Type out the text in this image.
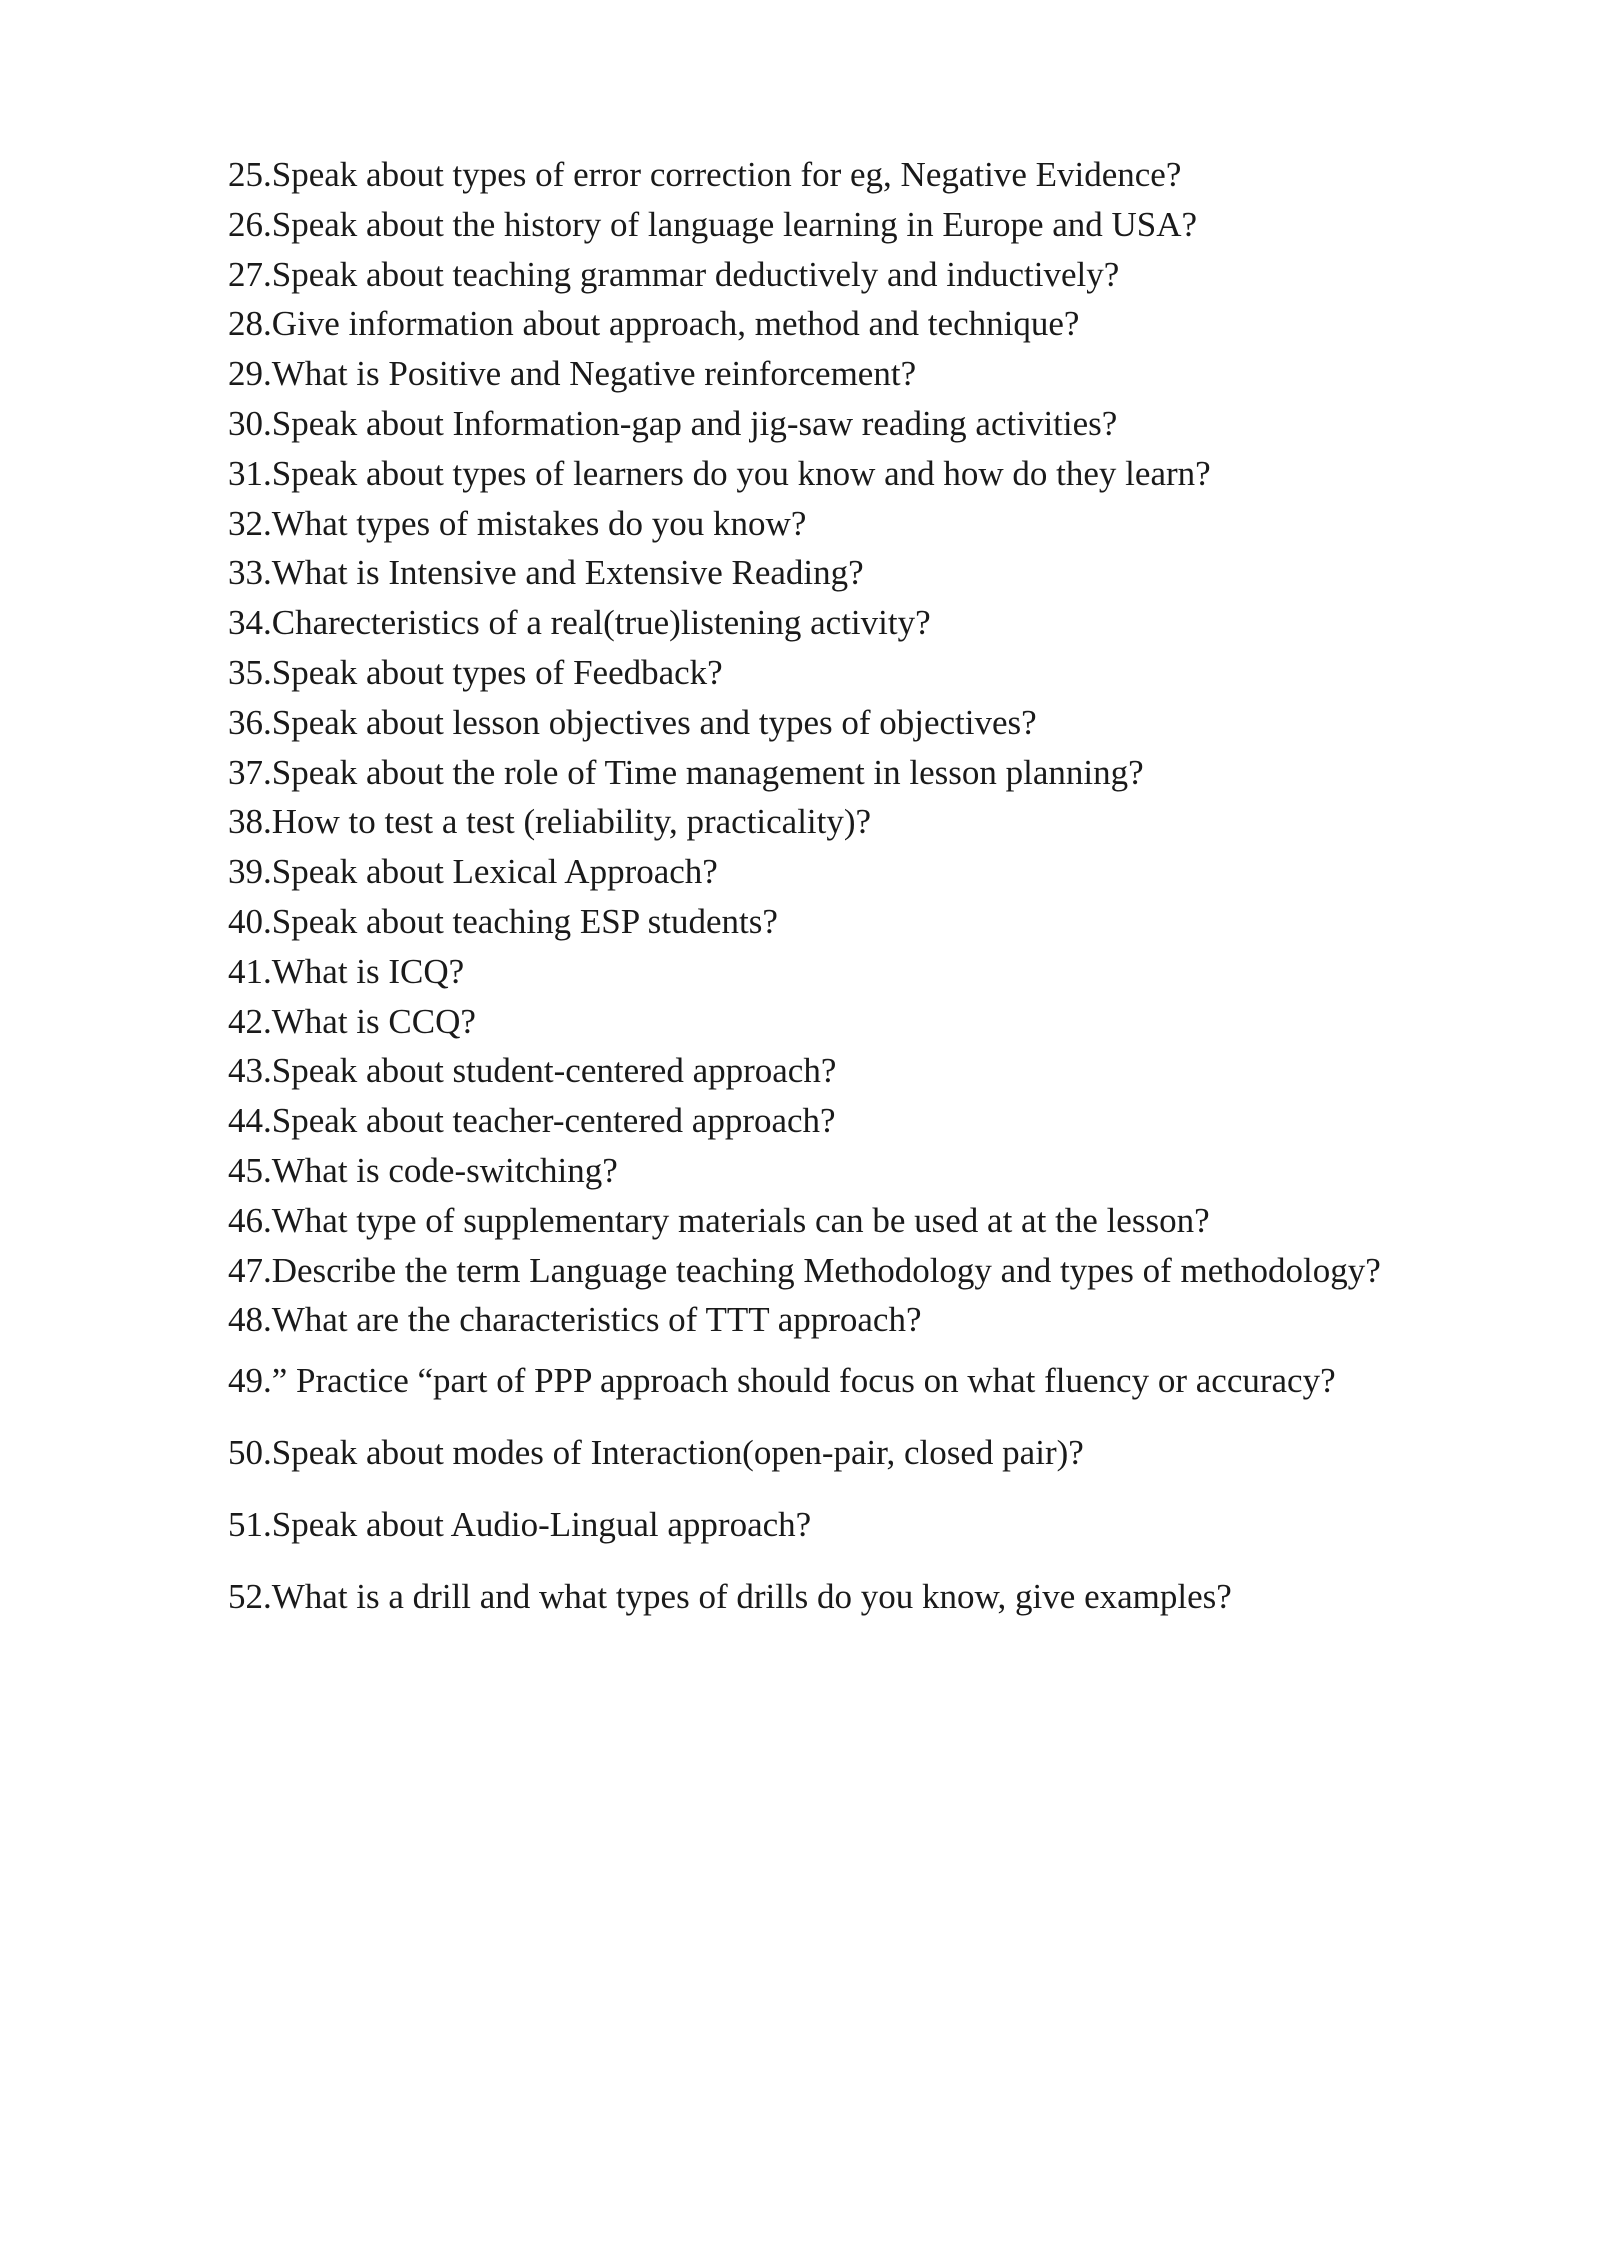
25.Speak about types of error correction for eg, Negative Evidence?
26.Speak about the history of language learning in Europe and USA?
27.Speak about teaching grammar deductively and inductively?
28.Give information about approach, method and technique?
29.What is Positive and Negative reinforcement?
30.Speak about Information-gap and jig-saw reading activities?
31.Speak about types of learners do you know and how do they learn?
32.What types of mistakes do you know?
33.What is Intensive and Extensive Reading?
34.Charecteristics of a real(true)listening activity?
35.Speak about types of Feedback?
36.Speak about lesson objectives and types of objectives?
37.Speak about the role of Time management in lesson planning?
38.How to test a test (reliability, practicality)?
39.Speak about Lexical Approach?
40.Speak about teaching ESP students?
41.What is ICQ?
42.What is CCQ?
43.Speak about student-centered approach?
44.Speak about teacher-centered approach?
45.What is code-switching?
46.What type of supplementary materials can be used at at the lesson?
47.Describe the term Language teaching Methodology and types of methodology?
48.What are the characteristics of TTT approach?
49.” Practice “part of PPP approach should focus on what fluency or accuracy?
50.Speak about modes of Interaction(open-pair, closed pair)?
51.Speak about Audio-Lingual approach?
52.What is a drill and what types of drills do you know, give examples?
